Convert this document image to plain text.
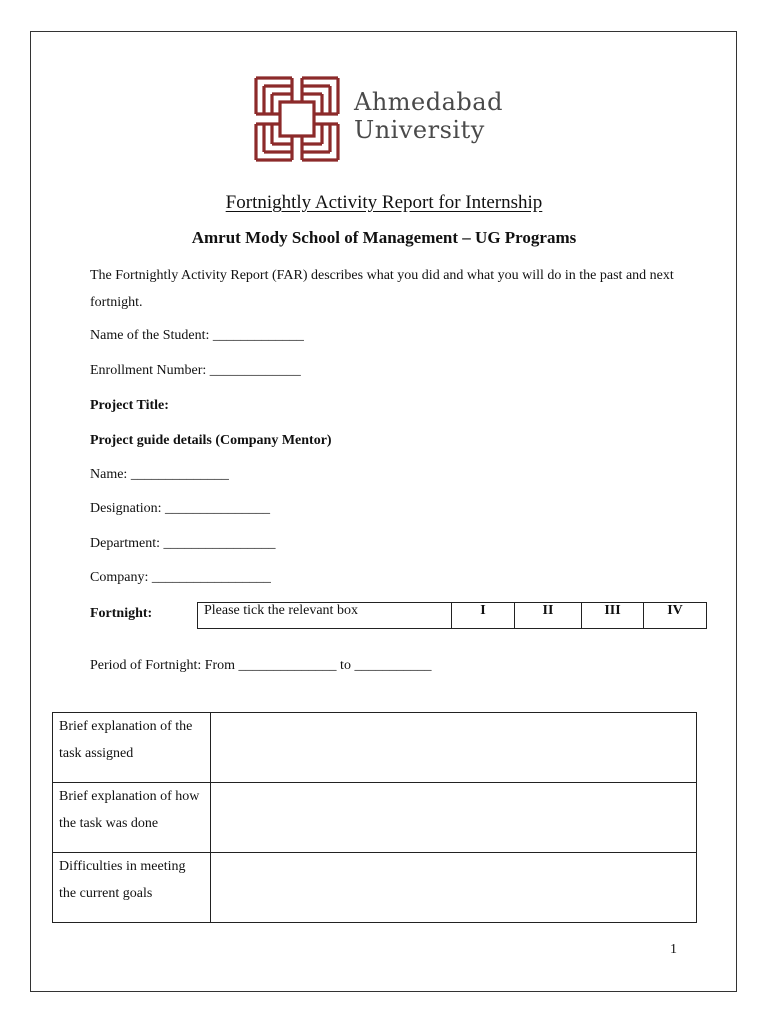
Ahmedabad
University
Fortnightly Activity Report for Internship
Amrut Mody School of Management – UG Programs
The Fortnightly Activity Report (FAR) describes what you did and what you will do in the past and next fortnight.
Name of the Student: _____________
Enrollment Number: _____________
Project Title:
Project guide details (Company Mentor)
Name: ______________
Designation: _______________
Department: ________________
Company: _________________
Fortnight:	Please tick the relevant box	I	II	III	IV
Period of Fortnight: From ______________ to ___________
Brief explanation of the task assigned	
Brief explanation of how the task was done	
Difficulties in meeting the current goals	
1
